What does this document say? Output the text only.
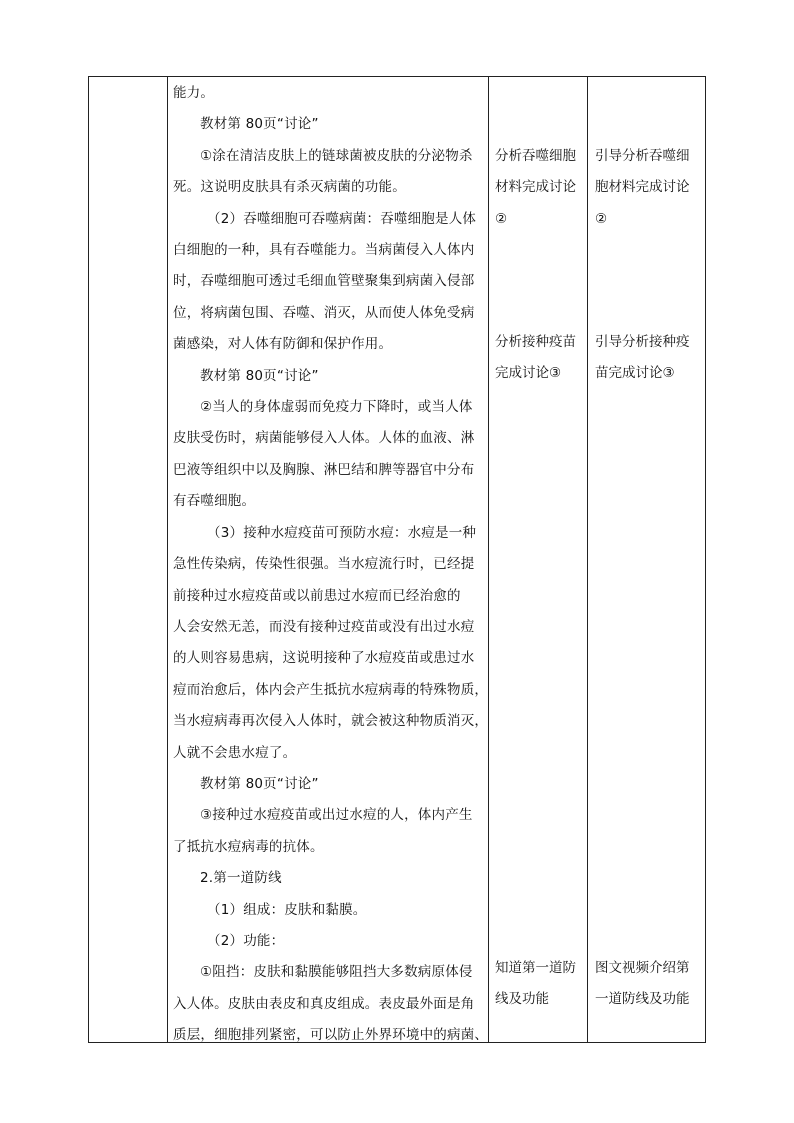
能力。

教材第 80页“讨论”

①涂在清洁皮肤上的链球菌被皮肤的分泌物杀

死。这说明皮肤具有杀灭病菌的功能。

（2）吞噬细胞可吞噬病菌：吞噬细胞是人体

白细胞的一种，具有吞噬能力。当病菌侵入人体内

时，吞噬细胞可透过毛细血管壁聚集到病菌入侵部

位，将病菌包围、吞噬、消灭，从而使人体免受病

菌感染，对人体有防御和保护作用。

教材第 80页“讨论”

②当人的身体虚弱而免疫力下降时，或当人体

皮肤受伤时，病菌能够侵入人体。人体的血液、淋

巴液等组织中以及胸腺、淋巴结和脾等器官中分布

有吞噬细胞。

（3）接种水痘疫苗可预防水痘：水痘是一种

急性传染病，传染性很强。当水痘流行时，已经提

前接种过水痘疫苗或以前患过水痘而已经治愈的

人会安然无恙，而没有接种过疫苗或没有出过水痘

的人则容易患病，这说明接种了水痘疫苗或患过水

痘而治愈后，体内会产生抵抗水痘病毒的特殊物质，

当水痘病毒再次侵入人体时，就会被这种物质消灭，

人就不会患水痘了。

教材第 80页“讨论”

③接种过水痘疫苗或出过水痘的人，体内产生

了抵抗水痘病毒的抗体。

2.第一道防线

（1）组成：皮肤和黏膜。

（2）功能：

①阻挡：皮肤和黏膜能够阻挡大多数病原体侵

入人体。皮肤由表皮和真皮组成。表皮最外面是角

质层，细胞排列紧密，可以防止外界环境中的病菌、

分析吞噬细胞

材料完成讨论

②

分析接种疫苗

完成讨论③

知道第一道防

线及功能

引导分析吞噬细

胞材料完成讨论

②

引导分析接种疫

苗完成讨论③

图文视频介绍第

一道防线及功能
